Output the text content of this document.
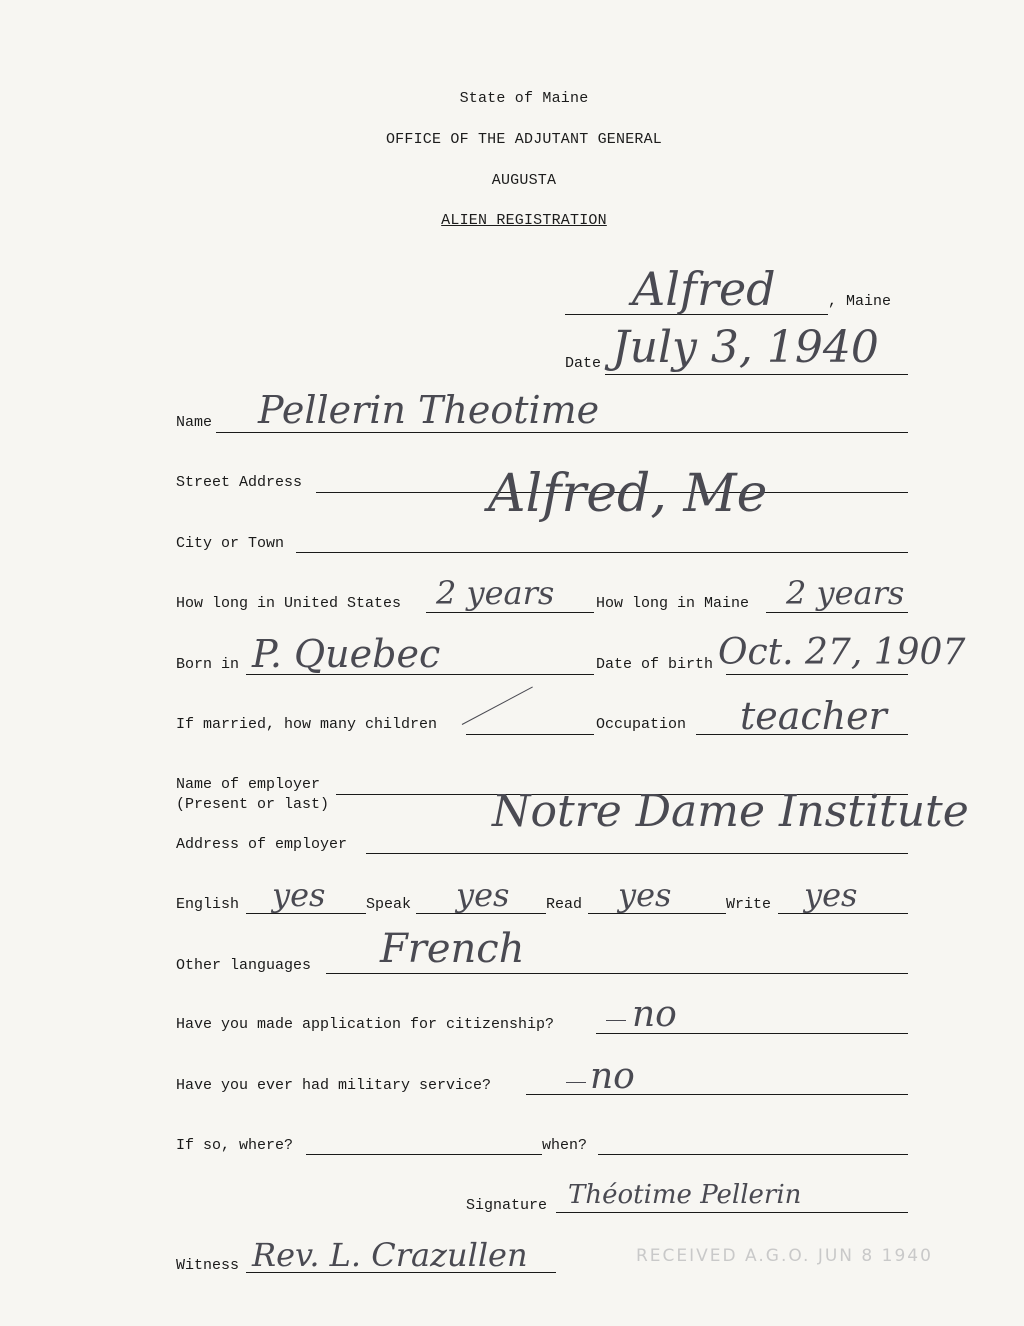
State of Maine
OFFICE OF THE ADJUTANT GENERAL
AUGUSTA
ALIEN REGISTRATION
Alfred	, Maine
Date July 3, 1940
Name Pellerin Theotime
Street Address	Alfred, Me
City or Town
How long in United States 2 years	How long in Maine 2 years
Born in P. Quebec	Date of birth Oct. 27, 1907
If married, how many children	Occupation teacher
Name of employer
(Present or last)	Notre Dame Institute
Address of employer
English yes	Speak yes Read yes	Write yes
Other languages French
Have you made application for citizenship? no
Have you ever had military service?	no
If so, where?	when?
Signature Théotime Pellerin
Witness Rev. L. Crazullen	RECEIVED A.G.O. JUN 8 1940
